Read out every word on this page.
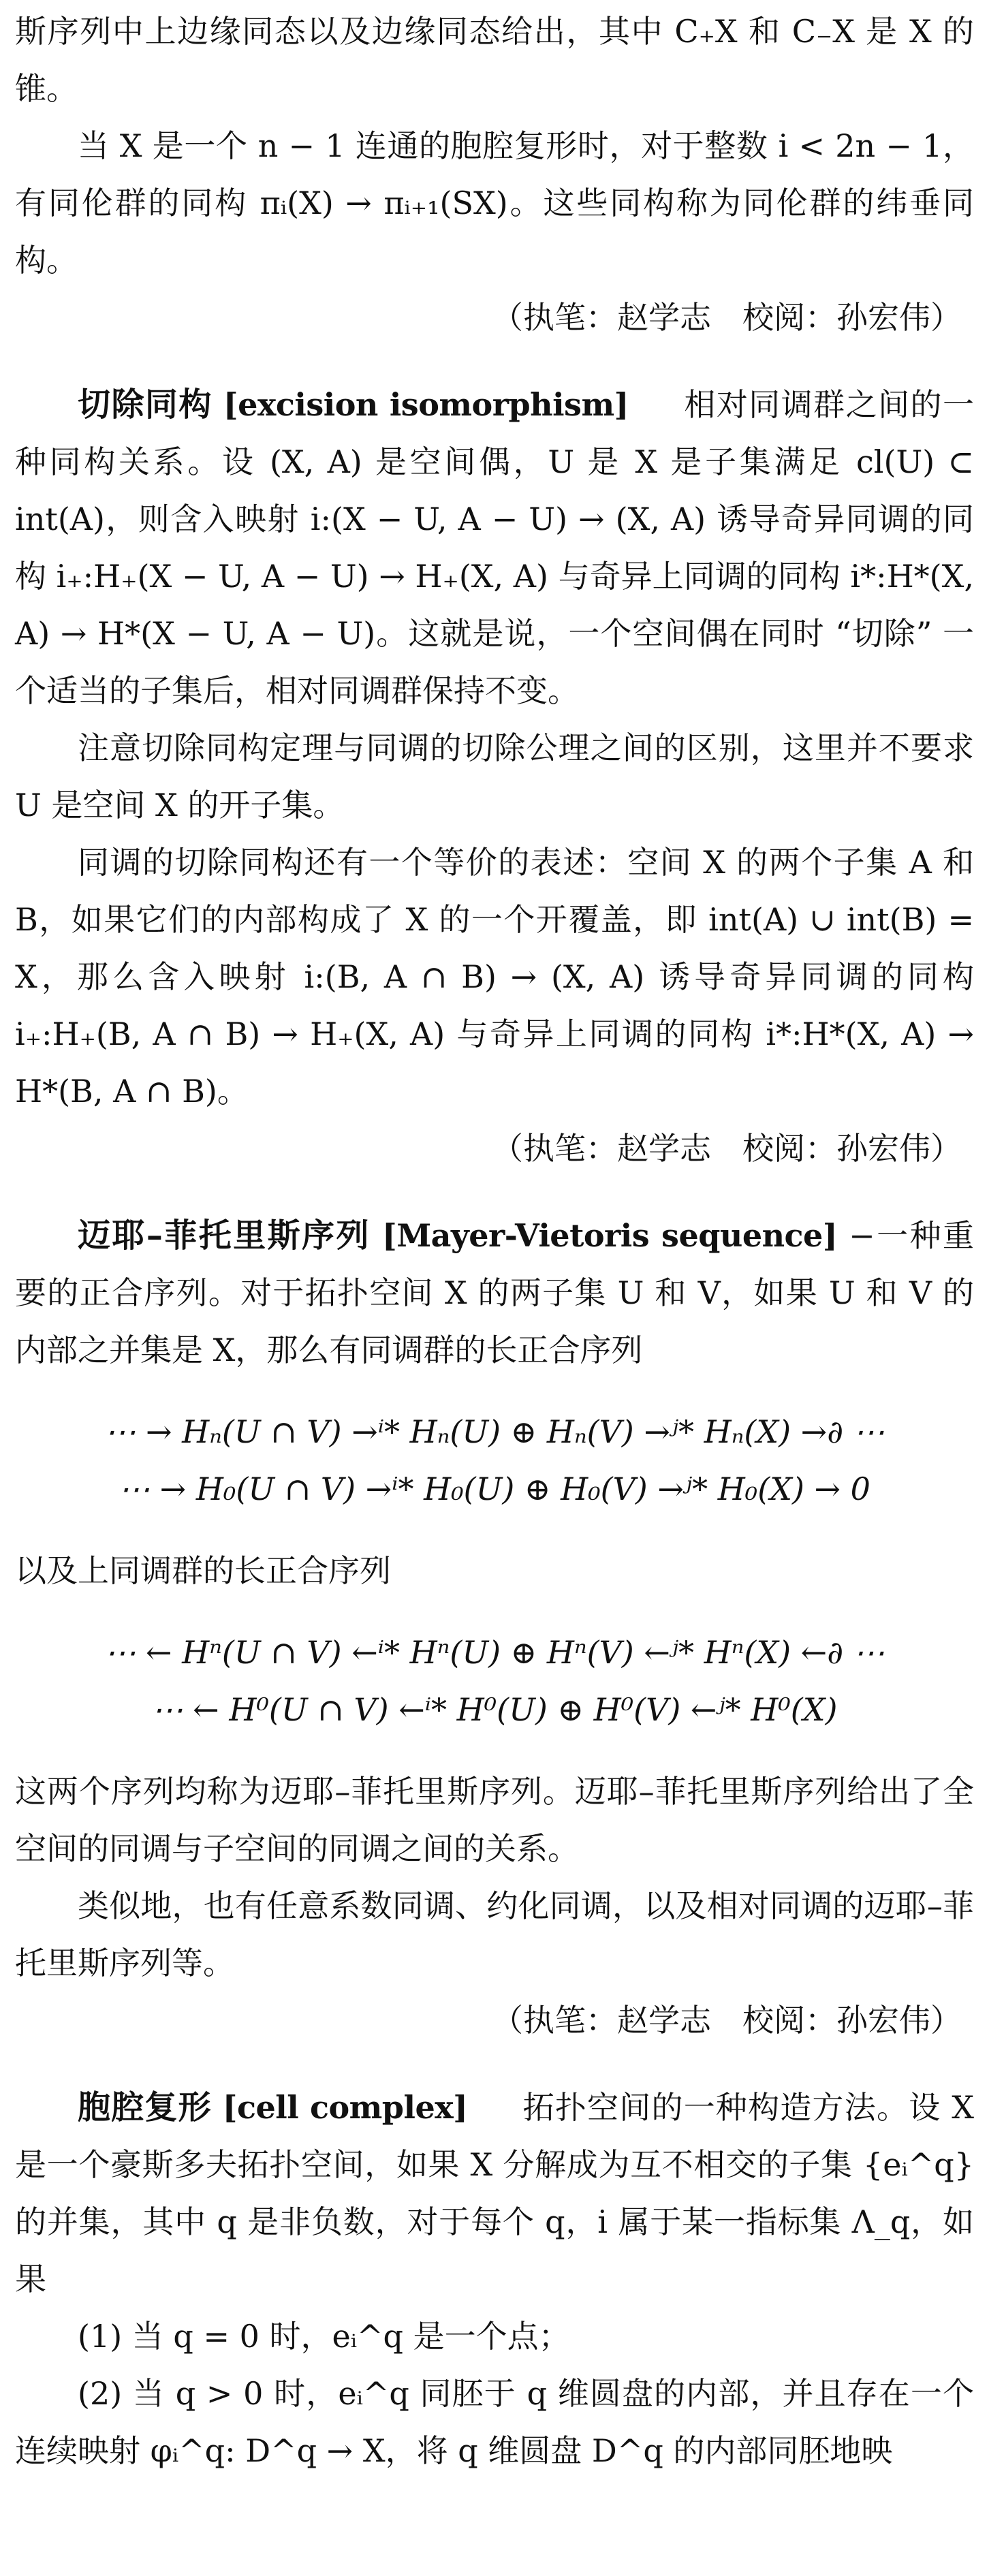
斯序列中上边缘同态以及边缘同态给出，其中 C₊X 和 C₋X 是 X 的锥。

当 X 是一个 n − 1 连通的胞腔复形时，对于整数 i < 2n − 1，有同伦群的同构 πᵢ(X) → πᵢ₊₁(SX)。这些同构称为同伦群的纬垂同构。

（执笔：赵学志　校阅：孙宏伟）

切除同构 [excision isomorphism] 相对同调群之间的一种同构关系。设 (X, A) 是空间偶，U 是 X 是子集满足 cl(U) ⊂ int(A)，则含入映射 i:(X − U, A − U) → (X, A) 诱导奇异同调的同构 i₊:H₊(X − U, A − U) → H₊(X, A) 与奇异上同调的同构 i*:H*(X, A) → H*(X − U, A − U)。这就是说，一个空间偶在同时 “切除” 一个适当的子集后，相对同调群保持不变。

注意切除同构定理与同调的切除公理之间的区别，这里并不要求 U 是空间 X 的开子集。

同调的切除同构还有一个等价的表述：空间 X 的两个子集 A 和 B，如果它们的内部构成了 X 的一个开覆盖，即 int(A) ∪ int(B) = X，那么含入映射 i:(B, A ∩ B) → (X, A) 诱导奇异同调的同构 i₊:H₊(B, A ∩ B) → H₊(X, A) 与奇异上同调的同构 i*:H*(X, A) → H*(B, A ∩ B)。

（执笔：赵学志　校阅：孙宏伟）

迈耶–菲托里斯序列 [Mayer-Vietoris sequence] −一种重要的正合序列。对于拓扑空间 X 的两子集 U 和 V，如果 U 和 V 的内部之并集是 X，那么有同调群的长正合序列

⋯ → Hₙ(U ∩ V) →ⁱ* Hₙ(U) ⊕ Hₙ(V) →ʲ* Hₙ(X) →∂ ⋯

⋯ → H₀(U ∩ V) →ⁱ* H₀(U) ⊕ H₀(V) →ʲ* H₀(X) → 0

以及上同调群的长正合序列

⋯ ← Hⁿ(U ∩ V) ←ⁱ* Hⁿ(U) ⊕ Hⁿ(V) ←ʲ* Hⁿ(X) ←∂ ⋯

⋯ ← H⁰(U ∩ V) ←ⁱ* H⁰(U) ⊕ H⁰(V) ←ʲ* H⁰(X)

这两个序列均称为迈耶–菲托里斯序列。迈耶–菲托里斯序列给出了全空间的同调与子空间的同调之间的关系。

类似地，也有任意系数同调、约化同调，以及相对同调的迈耶–菲托里斯序列等。

（执笔：赵学志　校阅：孙宏伟）

胞腔复形 [cell complex] 拓扑空间的一种构造方法。设 X 是一个豪斯多夫拓扑空间，如果 X 分解成为互不相交的子集 {eᵢ^q} 的并集，其中 q 是非负数，对于每个 q，i 属于某一指标集 Λ_q，如果

(1) 当 q = 0 时，eᵢ^q 是一个点；

(2) 当 q > 0 时，eᵢ^q 同胚于 q 维圆盘的内部，并且存在一个连续映射 φᵢ^q: D^q → X，将 q 维圆盘 D^q 的内部同胚地映
